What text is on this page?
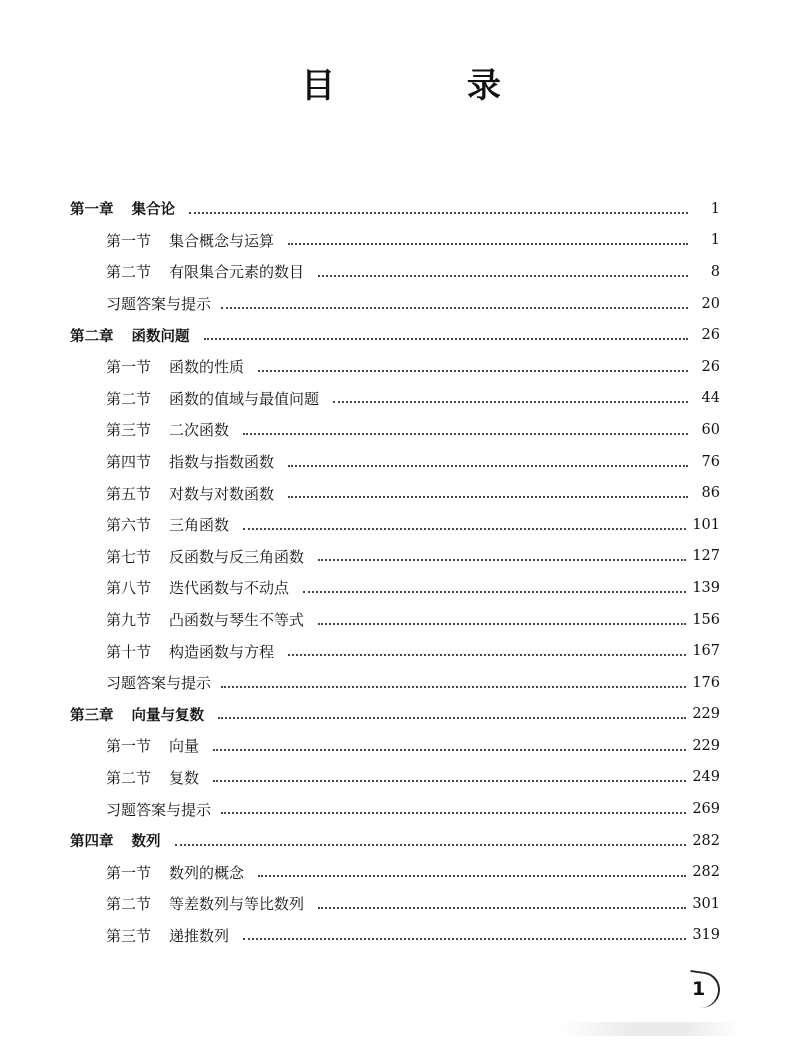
目 录
第一章 集合论	1
第一节 集合概念与运算	1
第二节 有限集合元素的数目	8
习题答案与提示	20
第二章 函数问题	26
第一节 函数的性质	26
第二节 函数的值域与最值问题	44
第三节 二次函数	60
第四节 指数与指数函数	76
第五节 对数与对数函数	86
第六节 三角函数	101
第七节 反函数与反三角函数	127
第八节 迭代函数与不动点	139
第九节 凸函数与琴生不等式	156
第十节 构造函数与方程	167
习题答案与提示	176
第三章 向量与复数	229
第一节 向量	229
第二节 复数	249
习题答案与提示	269
第四章 数列	282
第一节 数列的概念	282
第二节 等差数列与等比数列	301
第三节 递推数列	319
1
